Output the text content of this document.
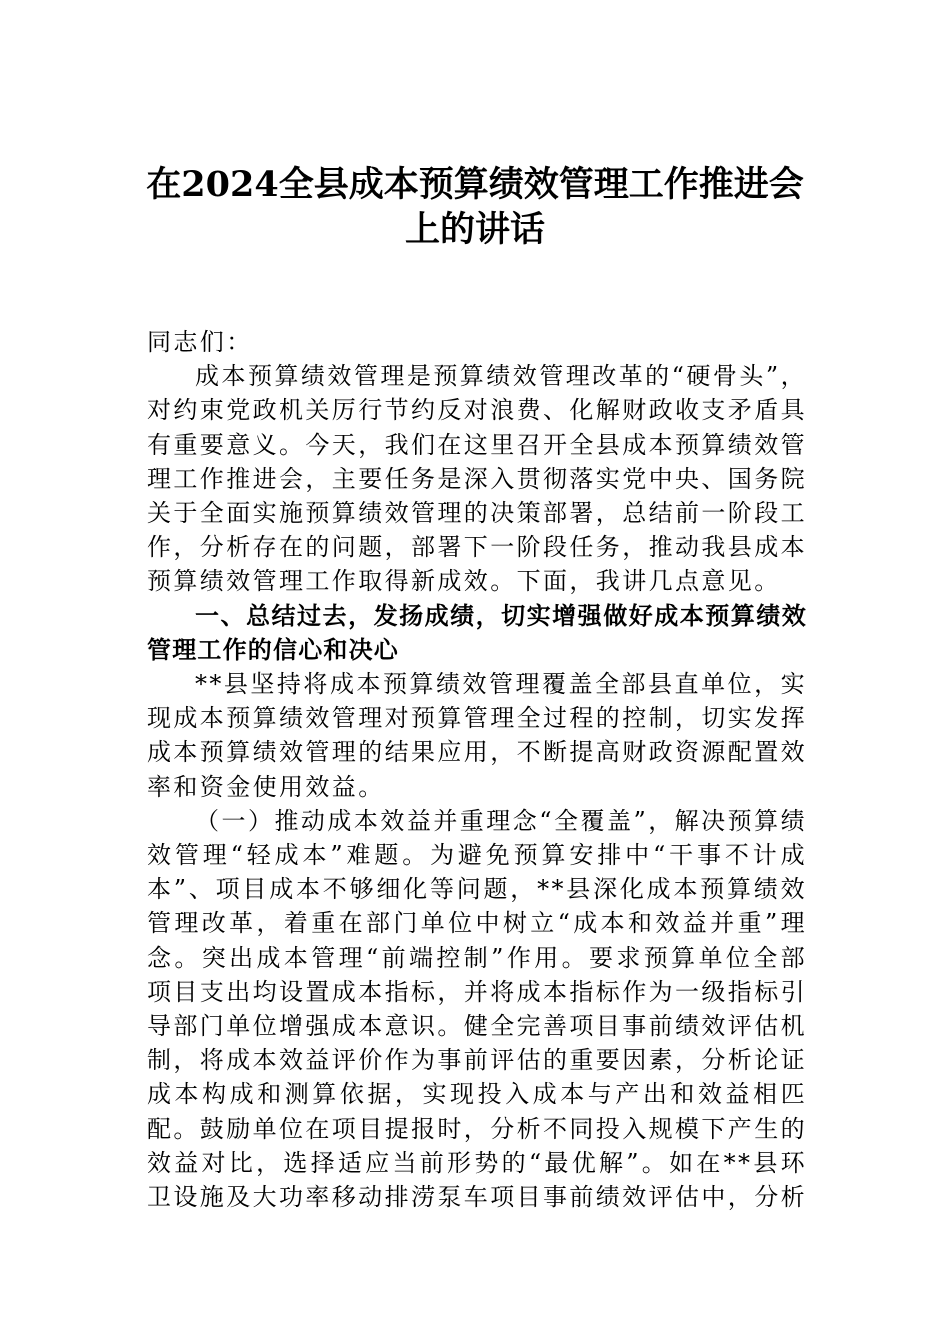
在2024全县成本预算绩效管理工作推进会
上的讲话

同志们：

成本预算绩效管理是预算绩效管理改革的“硬骨头”，对约束党政机关厉行节约反对浪费、化解财政收支矛盾具有重要意义。今天，我们在这里召开全县成本预算绩效管理工作推进会，主要任务是深入贯彻落实党中央、国务院关于全面实施预算绩效管理的决策部署，总结前一阶段工作，分析存在的问题，部署下一阶段任务，推动我县成本预算绩效管理工作取得新成效。下面，我讲几点意见。

一、总结过去，发扬成绩，切实增强做好成本预算绩效管理工作的信心和决心

**县坚持将成本预算绩效管理覆盖全部县直单位，实现成本预算绩效管理对预算管理全过程的控制，切实发挥成本预算绩效管理的结果应用，不断提高财政资源配置效率和资金使用效益。

（一）推动成本效益并重理念“全覆盖”，解决预算绩效管理“轻成本”难题。为避免预算安排中“干事不计成本”、项目成本不够细化等问题，**县深化成本预算绩效管理改革，着重在部门单位中树立“成本和效益并重”理念。突出成本管理“前端控制”作用。要求预算单位全部项目支出均设置成本指标，并将成本指标作为一级指标引导部门单位增强成本意识。健全完善项目事前绩效评估机制，将成本效益评价作为事前评估的重要因素，分析论证成本构成和测算依据，实现投入成本与产出和效益相匹配。鼓励单位在项目提报时，分析不同投入规模下产生的效益对比，选择适应当前形势的“最优解”。如在**县环卫设施及大功率移动排涝泵车项目事前绩效评估中，分析
